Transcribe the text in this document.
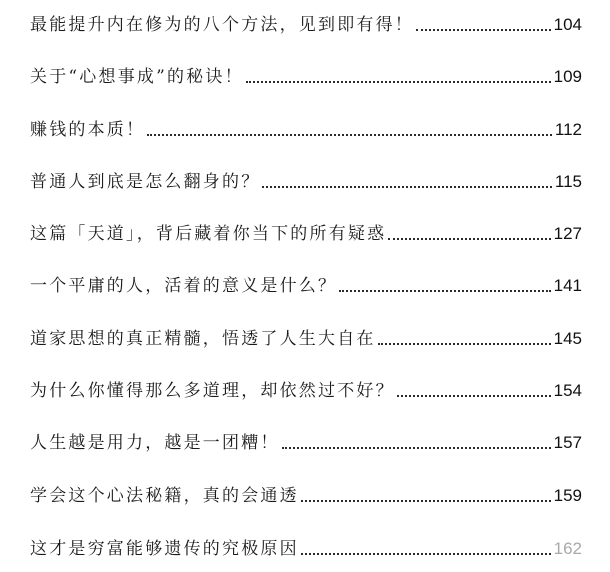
最能提升内在修为的八个方法，见到即有得！	104
关于“心想事成”的秘诀！	109
赚钱的本质！	112
普通人到底是怎么翻身的？	115
这篇「天道」，背后藏着你当下的所有疑惑	127
一个平庸的人，活着的意义是什么？	141
道家思想的真正精髓，悟透了人生大自在	145
为什么你懂得那么多道理，却依然过不好？	154
人生越是用力，越是一团糟！	157
学会这个心法秘籍，真的会通透	159
这才是穷富能够遗传的究极原因	162
